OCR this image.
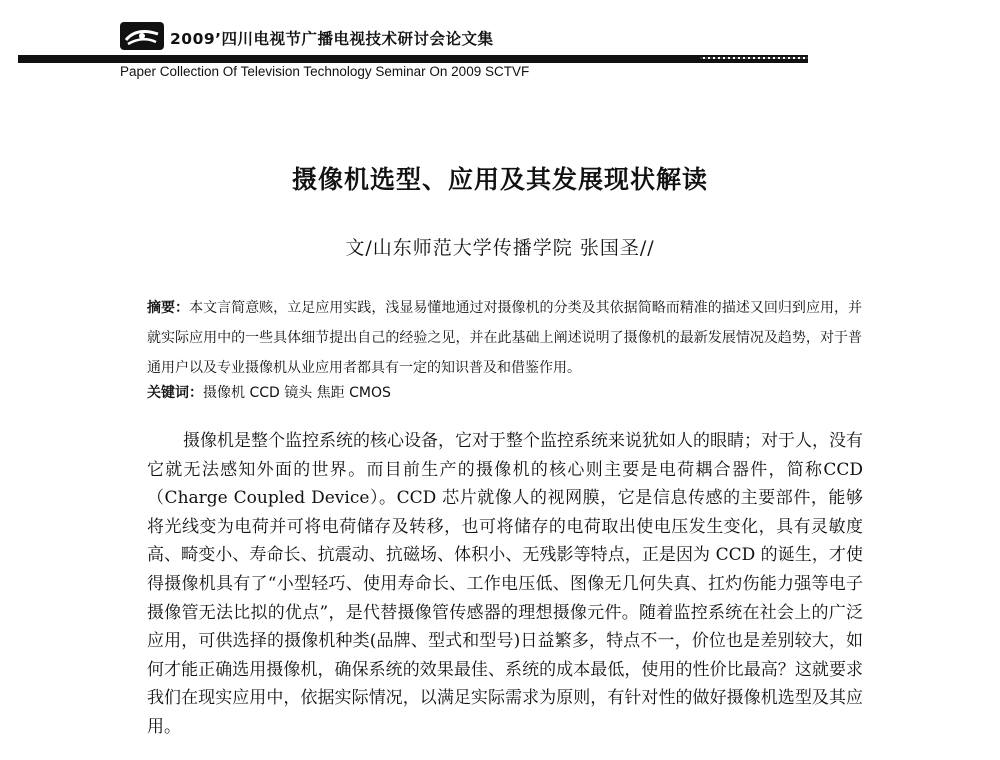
2009’四川电视节广播电视技术研讨会论文集
Paper Collection Of Television Technology Seminar On 2009 SCTVF
摄像机选型、应用及其发展现状解读
文/山东师范大学传播学院 张国圣//
摘要：本文言简意赅，立足应用实践，浅显易懂地通过对摄像机的分类及其依据简略而精准的描述又回归到应用，并就实际应用中的一些具体细节提出自己的经验之见，并在此基础上阐述说明了摄像机的最新发展情况及趋势，对于普通用户以及专业摄像机从业应用者都具有一定的知识普及和借鉴作用。
关键词：摄像机 CCD 镜头 焦距 CMOS
摄像机是整个监控系统的核心设备，它对于整个监控系统来说犹如人的眼睛；对于人，没有它就无法感知外面的世界。而目前生产的摄像机的核心则主要是电荷耦合器件，简称CCD（Charge Coupled Device）。CCD 芯片就像人的视网膜，它是信息传感的主要部件，能够将光线变为电荷并可将电荷储存及转移，也可将储存的电荷取出使电压发生变化，具有灵敏度高、畸变小、寿命长、抗震动、抗磁场、体积小、无残影等特点，正是因为 CCD 的诞生，才使得摄像机具有了“小型轻巧、使用寿命长、工作电压低、图像无几何失真、扛灼伤能力强等电子摄像管无法比拟的优点”，是代替摄像管传感器的理想摄像元件。随着监控系统在社会上的广泛应用，可供选择的摄像机种类(品牌、型式和型号)日益繁多，特点不一，价位也是差别较大，如何才能正确选用摄像机，确保系统的效果最佳、系统的成本最低，使用的性价比最高？这就要求我们在现实应用中，依据实际情况，以满足实际需求为原则，有针对性的做好摄像机选型及其应用。
